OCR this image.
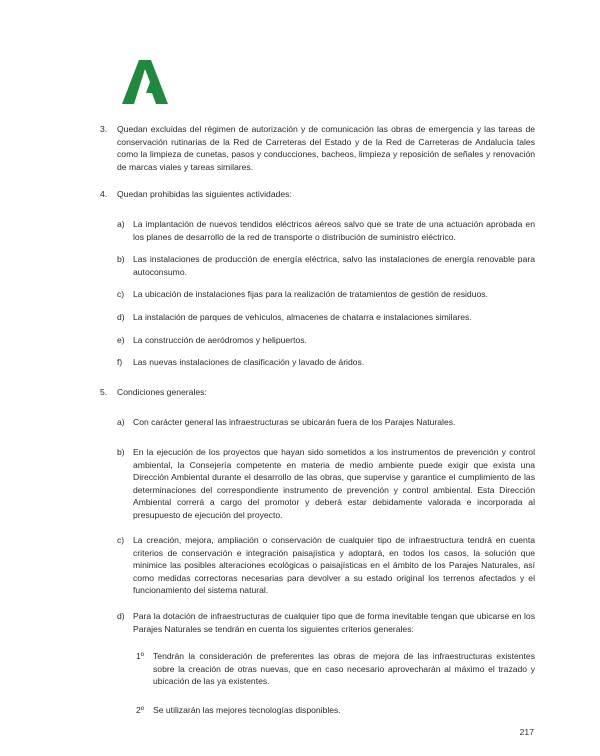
3. Quedan excluidas del régimen de autorización y de comunicación las obras de emergencia y las tareas de conservación rutinarias de la Red de Carreteras del Estado y de la Red de Carreteras de Andalucía tales como la limpieza de cunetas, pasos y conducciones, bacheos, limpieza y reposición de señales y renovación de marcas viales y tareas similares.
4. Quedan prohibidas las siguientes actividades:
a) La implantación de nuevos tendidos eléctricos aéreos salvo que se trate de una actuación aprobada en los planes de desarrollo de la red de transporte o distribución de suministro eléctrico.
b) Las instalaciones de producción de energía eléctrica, salvo las instalaciones de energía renovable para autoconsumo.
c) La ubicación de instalaciones fijas para la realización de tratamientos de gestión de residuos.
d) La instalación de parques de vehículos, almacenes de chatarra e instalaciones similares.
e) La construcción de aeródromos y helipuertos.
f) Las nuevas instalaciones de clasificación y lavado de áridos.
5. Condiciones generales:
a) Con carácter general las infraestructuras se ubicarán fuera de los Parajes Naturales.
b) En la ejecución de los proyectos que hayan sido sometidos a los instrumentos de prevención y control ambiental, la Consejería competente en materia de medio ambiente puede exigir que exista una Dirección Ambiental durante el desarrollo de las obras, que supervise y garantice el cumplimiento de las determinaciones del correspondiente instrumento de prevención y control ambiental. Esta Dirección Ambiental correrá a cargo del promotor y deberá estar debidamente valorada e incorporada al presupuesto de ejecución del proyecto.
c) La creación, mejora, ampliación o conservación de cualquier tipo de infraestructura tendrá en cuenta criterios de conservación e integración paisajística y adoptará, en todos los casos, la solución que minimice las posibles alteraciones ecológicas o paisajísticas en el ámbito de los Parajes Naturales, así como medidas correctoras necesarias para devolver a su estado original los terrenos afectados y el funcionamiento del sistema natural.
d) Para la dotación de infraestructuras de cualquier tipo que de forma inevitable tengan que ubicarse en los Parajes Naturales se tendrán en cuenta los siguientes criterios generales:
1º Tendrán la consideración de preferentes las obras de mejora de las infraestructuras existentes sobre la creación de otras nuevas, que en caso necesario aprovecharán al máximo el trazado y ubicación de las ya existentes.
2º Se utilizarán las mejores tecnologías disponibles.
217
